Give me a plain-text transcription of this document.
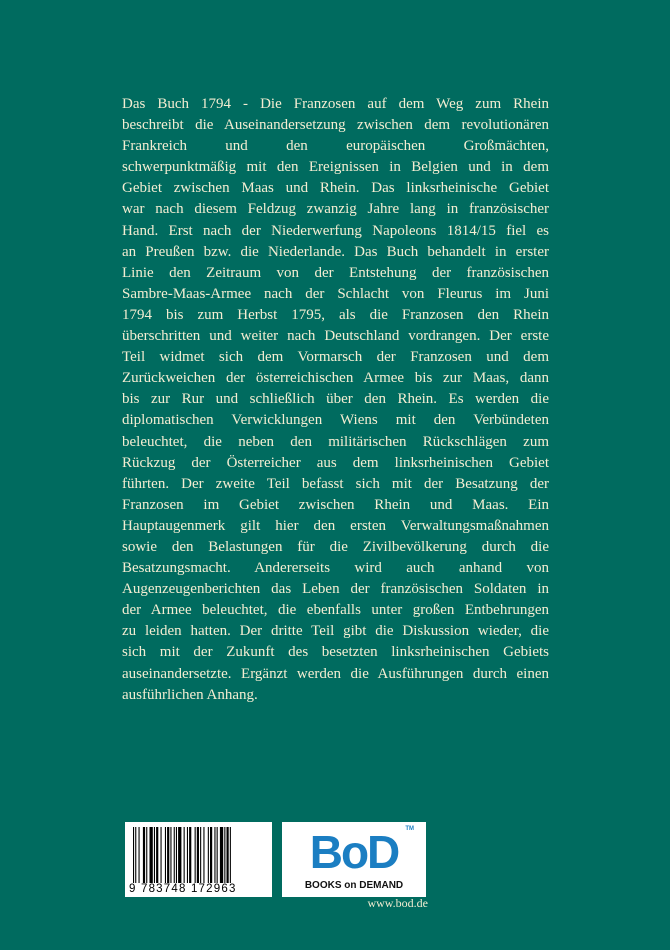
Das Buch 1794 - Die Franzosen auf dem Weg zum Rhein
beschreibt die Auseinandersetzung zwischen dem revolutionären
Frankreich und den europäischen Großmächten,
schwerpunktmäßig mit den Ereignissen in Belgien und in dem
Gebiet zwischen Maas und Rhein. Das linksrheinische Gebiet
war nach diesem Feldzug zwanzig Jahre lang in französischer
Hand. Erst nach der Niederwerfung Napoleons 1814/15 fiel es
an Preußen bzw. die Niederlande. Das Buch behandelt in erster
Linie den Zeitraum von der Entstehung der französischen
Sambre-Maas-Armee nach der Schlacht von Fleurus im Juni
1794 bis zum Herbst 1795, als die Franzosen den Rhein
überschritten und weiter nach Deutschland vordrangen. Der erste
Teil widmet sich dem Vormarsch der Franzosen und dem
Zurückweichen der österreichischen Armee bis zur Maas, dann
bis zur Rur und schließlich über den Rhein. Es werden die
diplomatischen Verwicklungen Wiens mit den Verbündeten
beleuchtet, die neben den militärischen Rückschlägen zum
Rückzug der Österreicher aus dem linksrheinischen Gebiet
führten. Der zweite Teil befasst sich mit der Besatzung der
Franzosen im Gebiet zwischen Rhein und Maas. Ein
Hauptaugenmerk gilt hier den ersten Verwaltungsmaßnahmen
sowie den Belastungen für die Zivilbevölkerung durch die
Besatzungsmacht. Andererseits wird auch anhand von
Augenzeugenberichten das Leben der französischen Soldaten in
der Armee beleuchtet, die ebenfalls unter großen Entbehrungen
zu leiden hatten. Der dritte Teil gibt die Diskussion wieder, die
sich mit der Zukunft des besetzten linksrheinischen Gebiets
auseinandersetzte. Ergänzt werden die Ausführungen durch einen
ausführlichen Anhang.
9 783748 172963
BoD	TM
BOOKS on DEMAND
www.bod.de
